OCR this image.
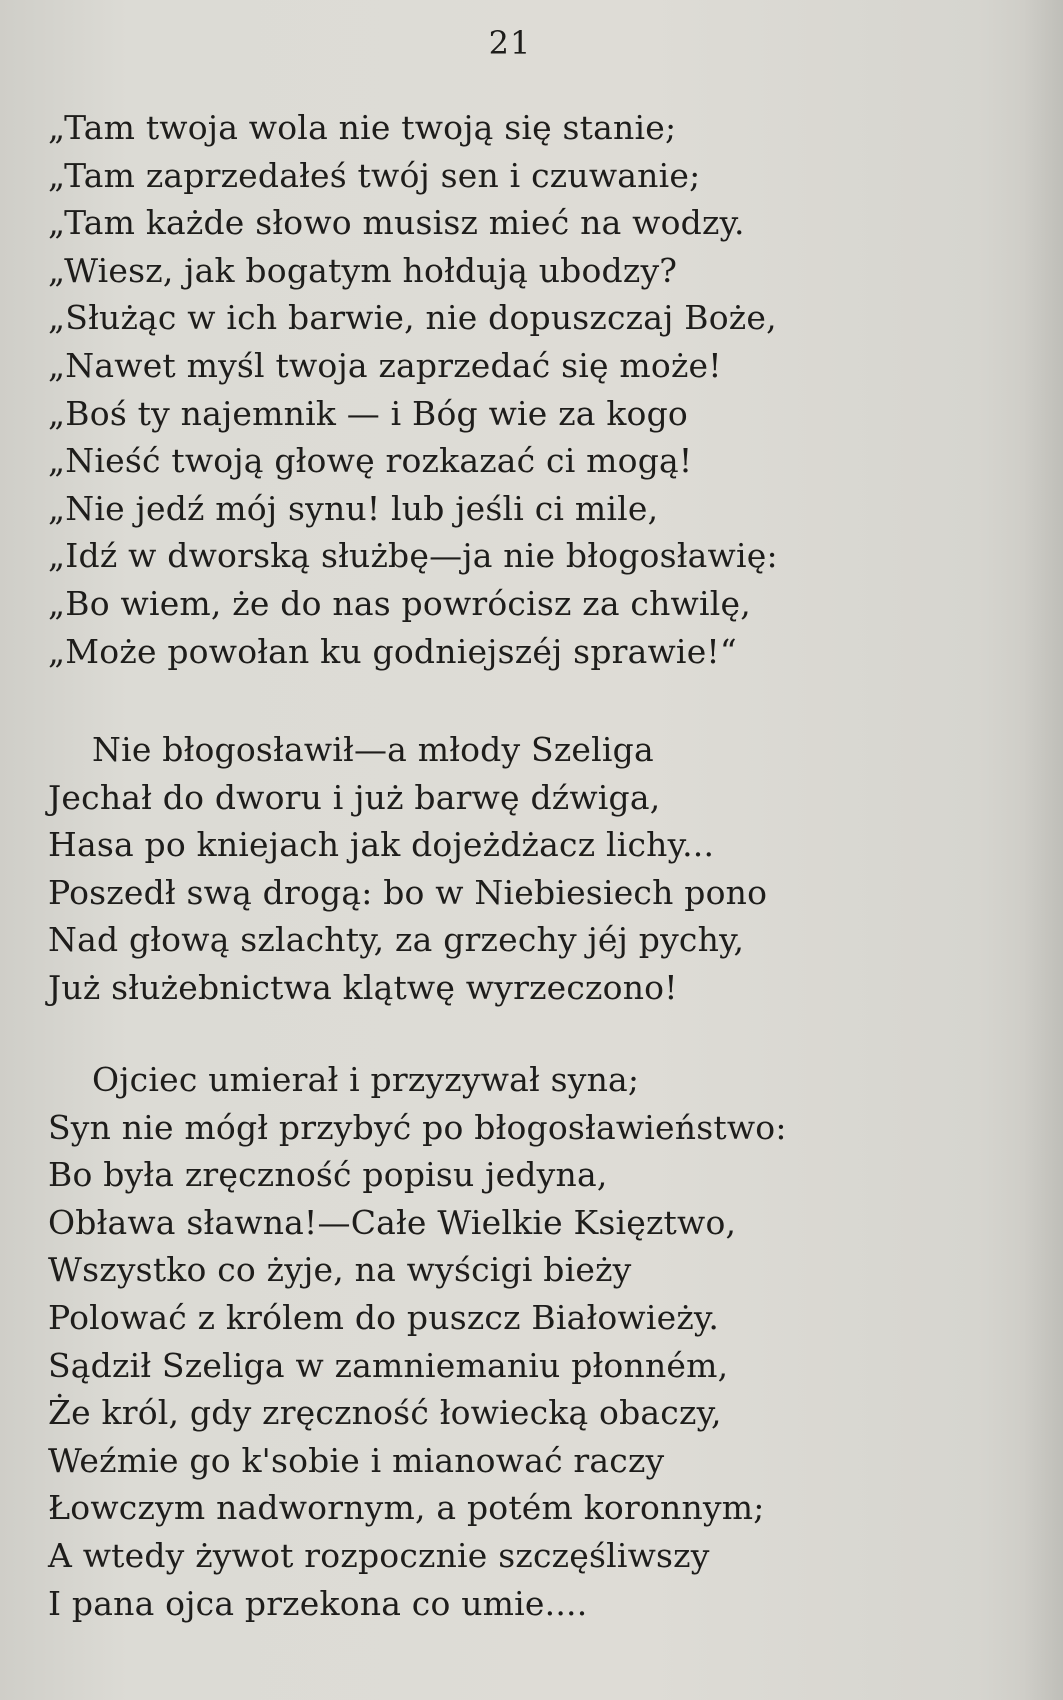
21
„Tam twoja wola nie twoją się stanie;
„Tam zaprzedałeś twój sen i czuwanie;
„Tam każde słowo musisz mieć na wodzy.
„Wiesz, jak bogatym hołdują ubodzy?
„Służąc w ich barwie, nie dopuszczaj Boże,
„Nawet myśl twoja zaprzedać się może!
„Boś ty najemnik — i Bóg wie za kogo
„Nieść twoją głowę rozkazać ci mogą!
„Nie jedź mój synu! lub jeśli ci mile,
„Idź w dworską służbę—ja nie błogosławię:
„Bo wiem, że do nas powrócisz za chwilę,
„Może powołan ku godniejszéj sprawie!“
Nie błogosławił—a młody Szeliga
Jechał do dworu i już barwę dźwiga,
Hasa po kniejach jak dojeżdżacz lichy...
Poszedł swą drogą: bo w Niebiesiech pono
Nad głową szlachty, za grzechy jéj pychy,
Już służebnictwa klątwę wyrzeczono!
Ojciec umierał i przyzywał syna;
Syn nie mógł przybyć po błogosławieństwo:
Bo była zręczność popisu jedyna,
Obława sławna!—Całe Wielkie Księztwo,
Wszystko co żyje, na wyścigi bieży
Polować z królem do puszcz Białowieży.
Sądził Szeliga w zamniemaniu płonném,
Że król, gdy zręczność łowiecką obaczy,
Weźmie go k'sobie i mianować raczy
Łowczym nadwornym, a potém koronnym;
A wtedy żywot rozpocznie szczęśliwszy
I pana ojca przekona co umie....
